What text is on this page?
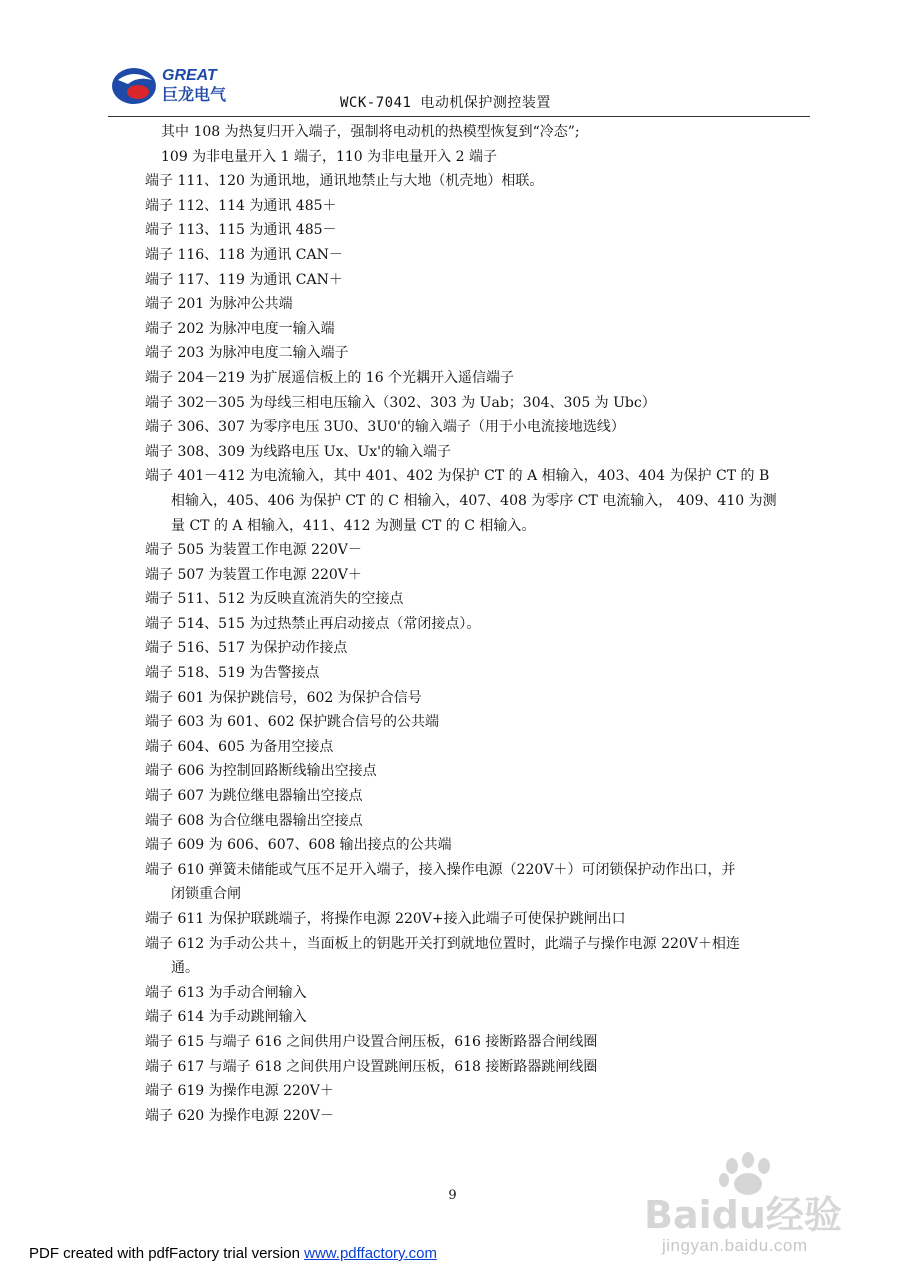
GREAT
巨龙电气	WCK-7041 电动机保护测控装置
其中 108 为热复归开入端子，强制将电动机的热模型恢复到“冷态”;
109 为非电量开入 1 端子，110 为非电量开入 2 端子
端子 111、120 为通讯地，通讯地禁止与大地（机壳地）相联。
端子 112、114 为通讯 485＋
端子 113、115 为通讯 485－
端子 116、118 为通讯 CAN－
端子 117、119 为通讯 CAN＋
端子 201 为脉冲公共端
端子 202 为脉冲电度一输入端
端子 203 为脉冲电度二输入端子
端子 204－219 为扩展遥信板上的 16 个光耦开入遥信端子
端子 302－305 为母线三相电压输入（302、303 为 Uab；304、305 为 Ubc）
端子 306、307 为零序电压 3U0、3U0'的输入端子（用于小电流接地选线）
端子 308、309 为线路电压 Ux、Ux'的输入端子
端子 401－412 为电流输入，其中 401、402 为保护 CT 的 A 相输入，403、404 为保护 CT 的 B
相输入，405、406 为保护 CT 的 C 相输入，407、408 为零序 CT 电流输入， 409、410 为测
量 CT 的 A 相输入，411、412 为测量 CT 的 C 相输入。
端子 505 为装置工作电源 220V－
端子 507 为装置工作电源 220V＋
端子 511、512 为反映直流消失的空接点
端子 514、515 为过热禁止再启动接点（常闭接点）。
端子 516、517 为保护动作接点
端子 518、519 为告警接点
端子 601 为保护跳信号，602 为保护合信号
端子 603 为 601、602 保护跳合信号的公共端
端子 604、605 为备用空接点
端子 606 为控制回路断线输出空接点
端子 607 为跳位继电器输出空接点
端子 608 为合位继电器输出空接点
端子 609 为 606、607、608 输出接点的公共端
端子 610 弹簧未储能或气压不足开入端子，接入操作电源（220V＋）可闭锁保护动作出口，并
闭锁重合闸
端子 611 为保护联跳端子，将操作电源 220V+接入此端子可使保护跳闸出口
端子 612 为手动公共＋，当面板上的钥匙开关打到就地位置时，此端子与操作电源 220V＋相连
通。
端子 613 为手动合闸输入
端子 614 为手动跳闸输入
端子 615 与端子 616 之间供用户设置合闸压板，616 接断路器合闸线圈
端子 617 与端子 618 之间供用户设置跳闸压板，618 接断路器跳闸线圈
端子 619 为操作电源 220V＋
端子 620 为操作电源 220V－
9
PDF created with pdfFactory trial version www.pdffactory.com
Baidu经验
jingyan.baidu.com
